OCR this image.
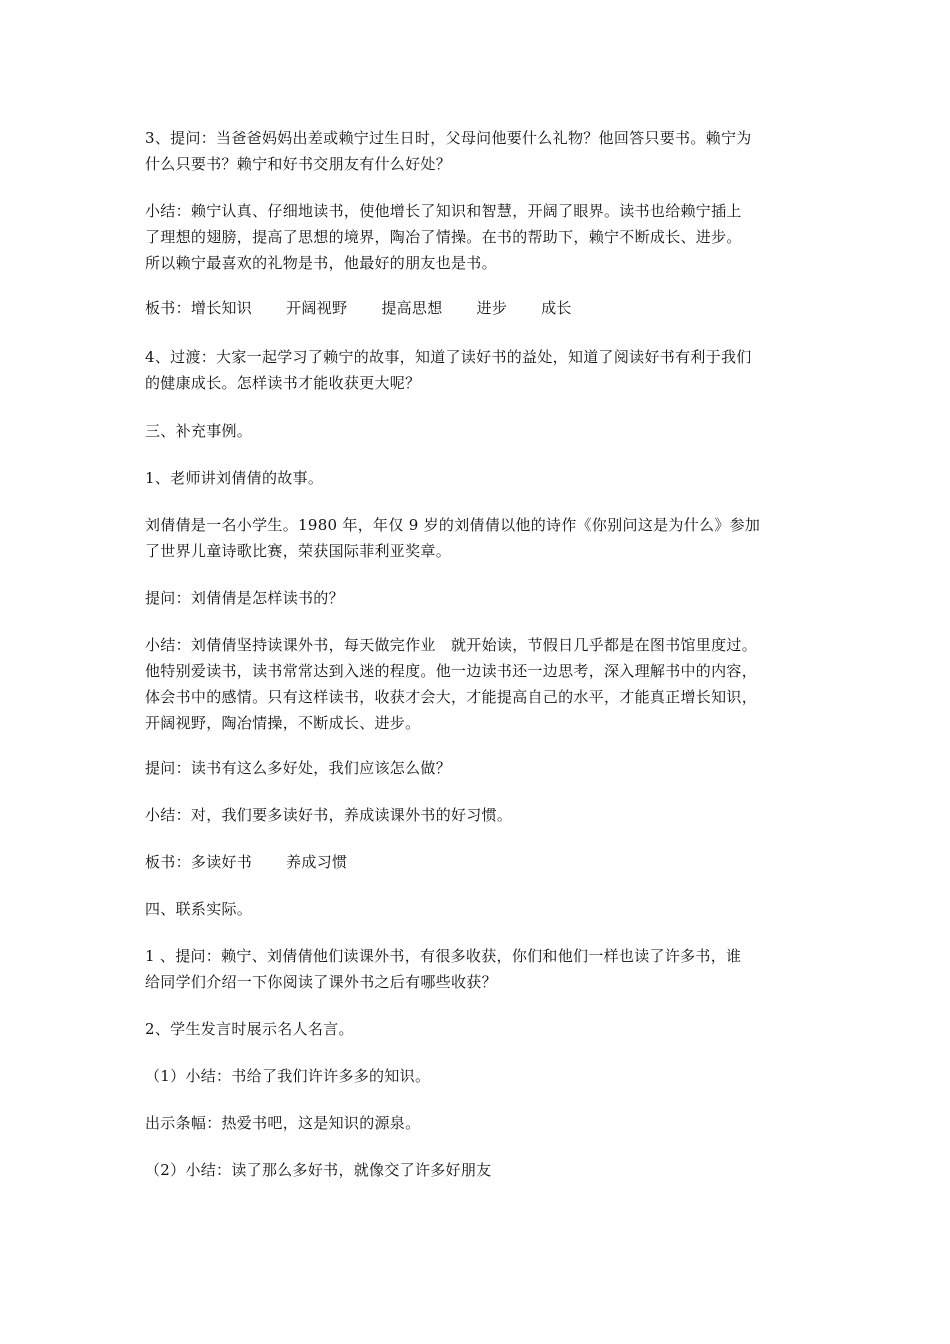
3、提问：当爸爸妈妈出差或赖宁过生日时，父母问他要什么礼物？他回答只要书。赖宁为
什么只要书？赖宁和好书交朋友有什么好处？

小结：赖宁认真、仔细地读书，使他增长了知识和智慧，开阔了眼界。读书也给赖宁插上
了理想的翅膀，提高了思想的境界，陶冶了情操。在书的帮助下，赖宁不断成长、进步。
所以赖宁最喜欢的礼物是书，他最好的朋友也是书。

板书：增长知识 开阔视野 提高思想 进步 成长

4、过渡：大家一起学习了赖宁的故事，知道了读好书的益处，知道了阅读好书有利于我们
的健康成长。怎样读书才能收获更大呢？

三、补充事例。

1、老师讲刘倩倩的故事。

刘倩倩是一名小学生。1980 年，年仅 9 岁的刘倩倩以他的诗作《你别问这是为什么》参加
了世界儿童诗歌比赛，荣获国际菲利亚奖章。

提问：刘倩倩是怎样读书的？

小结：刘倩倩坚持读课外书，每天做完作业　就开始读，节假日几乎都是在图书馆里度过。
他特别爱读书，读书常常达到入迷的程度。他一边读书还一边思考，深入理解书中的内容，
体会书中的感情。只有这样读书，收获才会大，才能提高自己的水平，才能真正增长知识，
开阔视野，陶冶情操，不断成长、进步。

提问：读书有这么多好处，我们应该怎么做？

小结：对，我们要多读好书，养成读课外书的好习惯。

板书：多读好书 养成习惯

四、联系实际。

1 、提问：赖宁、刘倩倩他们读课外书，有很多收获，你们和他们一样也读了许多书，谁
给同学们介绍一下你阅读了课外书之后有哪些收获？

2、学生发言时展示名人名言。

（1）小结：书给了我们许许多多的知识。

出示条幅：热爱书吧，这是知识的源泉。

（2）小结：读了那么多好书，就像交了许多好朋友
